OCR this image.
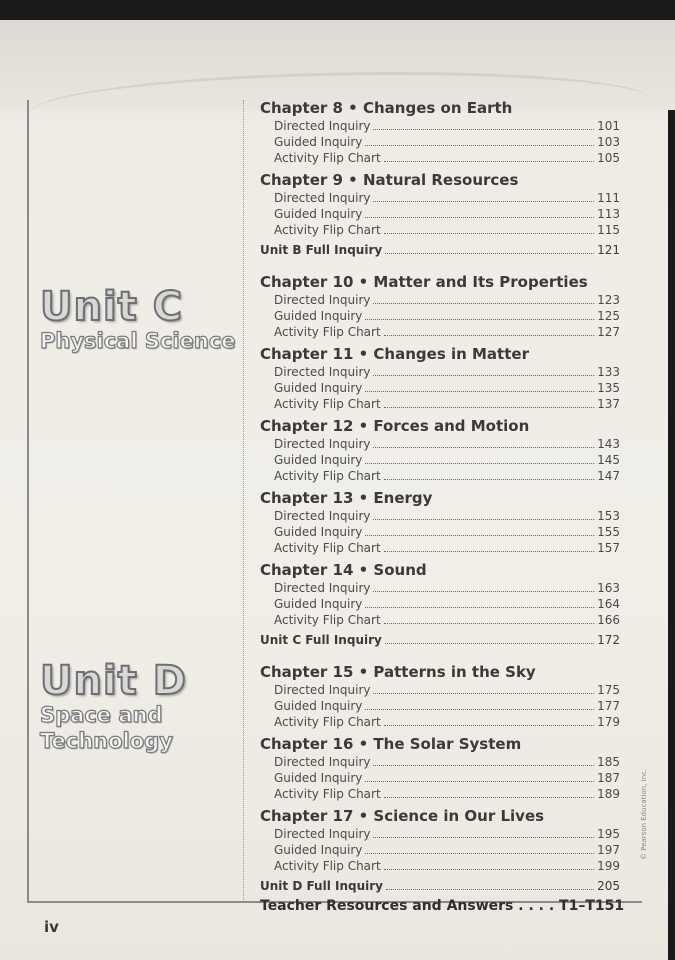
Unit C
Physical Science
Unit D
Space and
Technology
Chapter 8 • Changes on Earth
Directed Inquiry	101
Guided Inquiry	103
Activity Flip Chart	105
Chapter 9 • Natural Resources
Directed Inquiry	111
Guided Inquiry	113
Activity Flip Chart	115
Unit B Full Inquiry	121
Chapter 10 • Matter and Its Properties
Directed Inquiry	123
Guided Inquiry	125
Activity Flip Chart	127
Chapter 11 • Changes in Matter
Directed Inquiry	133
Guided Inquiry	135
Activity Flip Chart	137
Chapter 12 • Forces and Motion
Directed Inquiry	143
Guided Inquiry	145
Activity Flip Chart	147
Chapter 13 • Energy
Directed Inquiry	153
Guided Inquiry	155
Activity Flip Chart	157
Chapter 14 • Sound
Directed Inquiry	163
Guided Inquiry	164
Activity Flip Chart	166
Unit C Full Inquiry	172
Chapter 15 • Patterns in the Sky
Directed Inquiry	175
Guided Inquiry	177
Activity Flip Chart	179
Chapter 16 • The Solar System
Directed Inquiry	185
Guided Inquiry	187
Activity Flip Chart	189
Chapter 17 • Science in Our Lives
Directed Inquiry	195
Guided Inquiry	197
Activity Flip Chart	199
Unit D Full Inquiry	205
Teacher Resources and Answers . . . . T1–T151
© Pearson Education, Inc.
iv
